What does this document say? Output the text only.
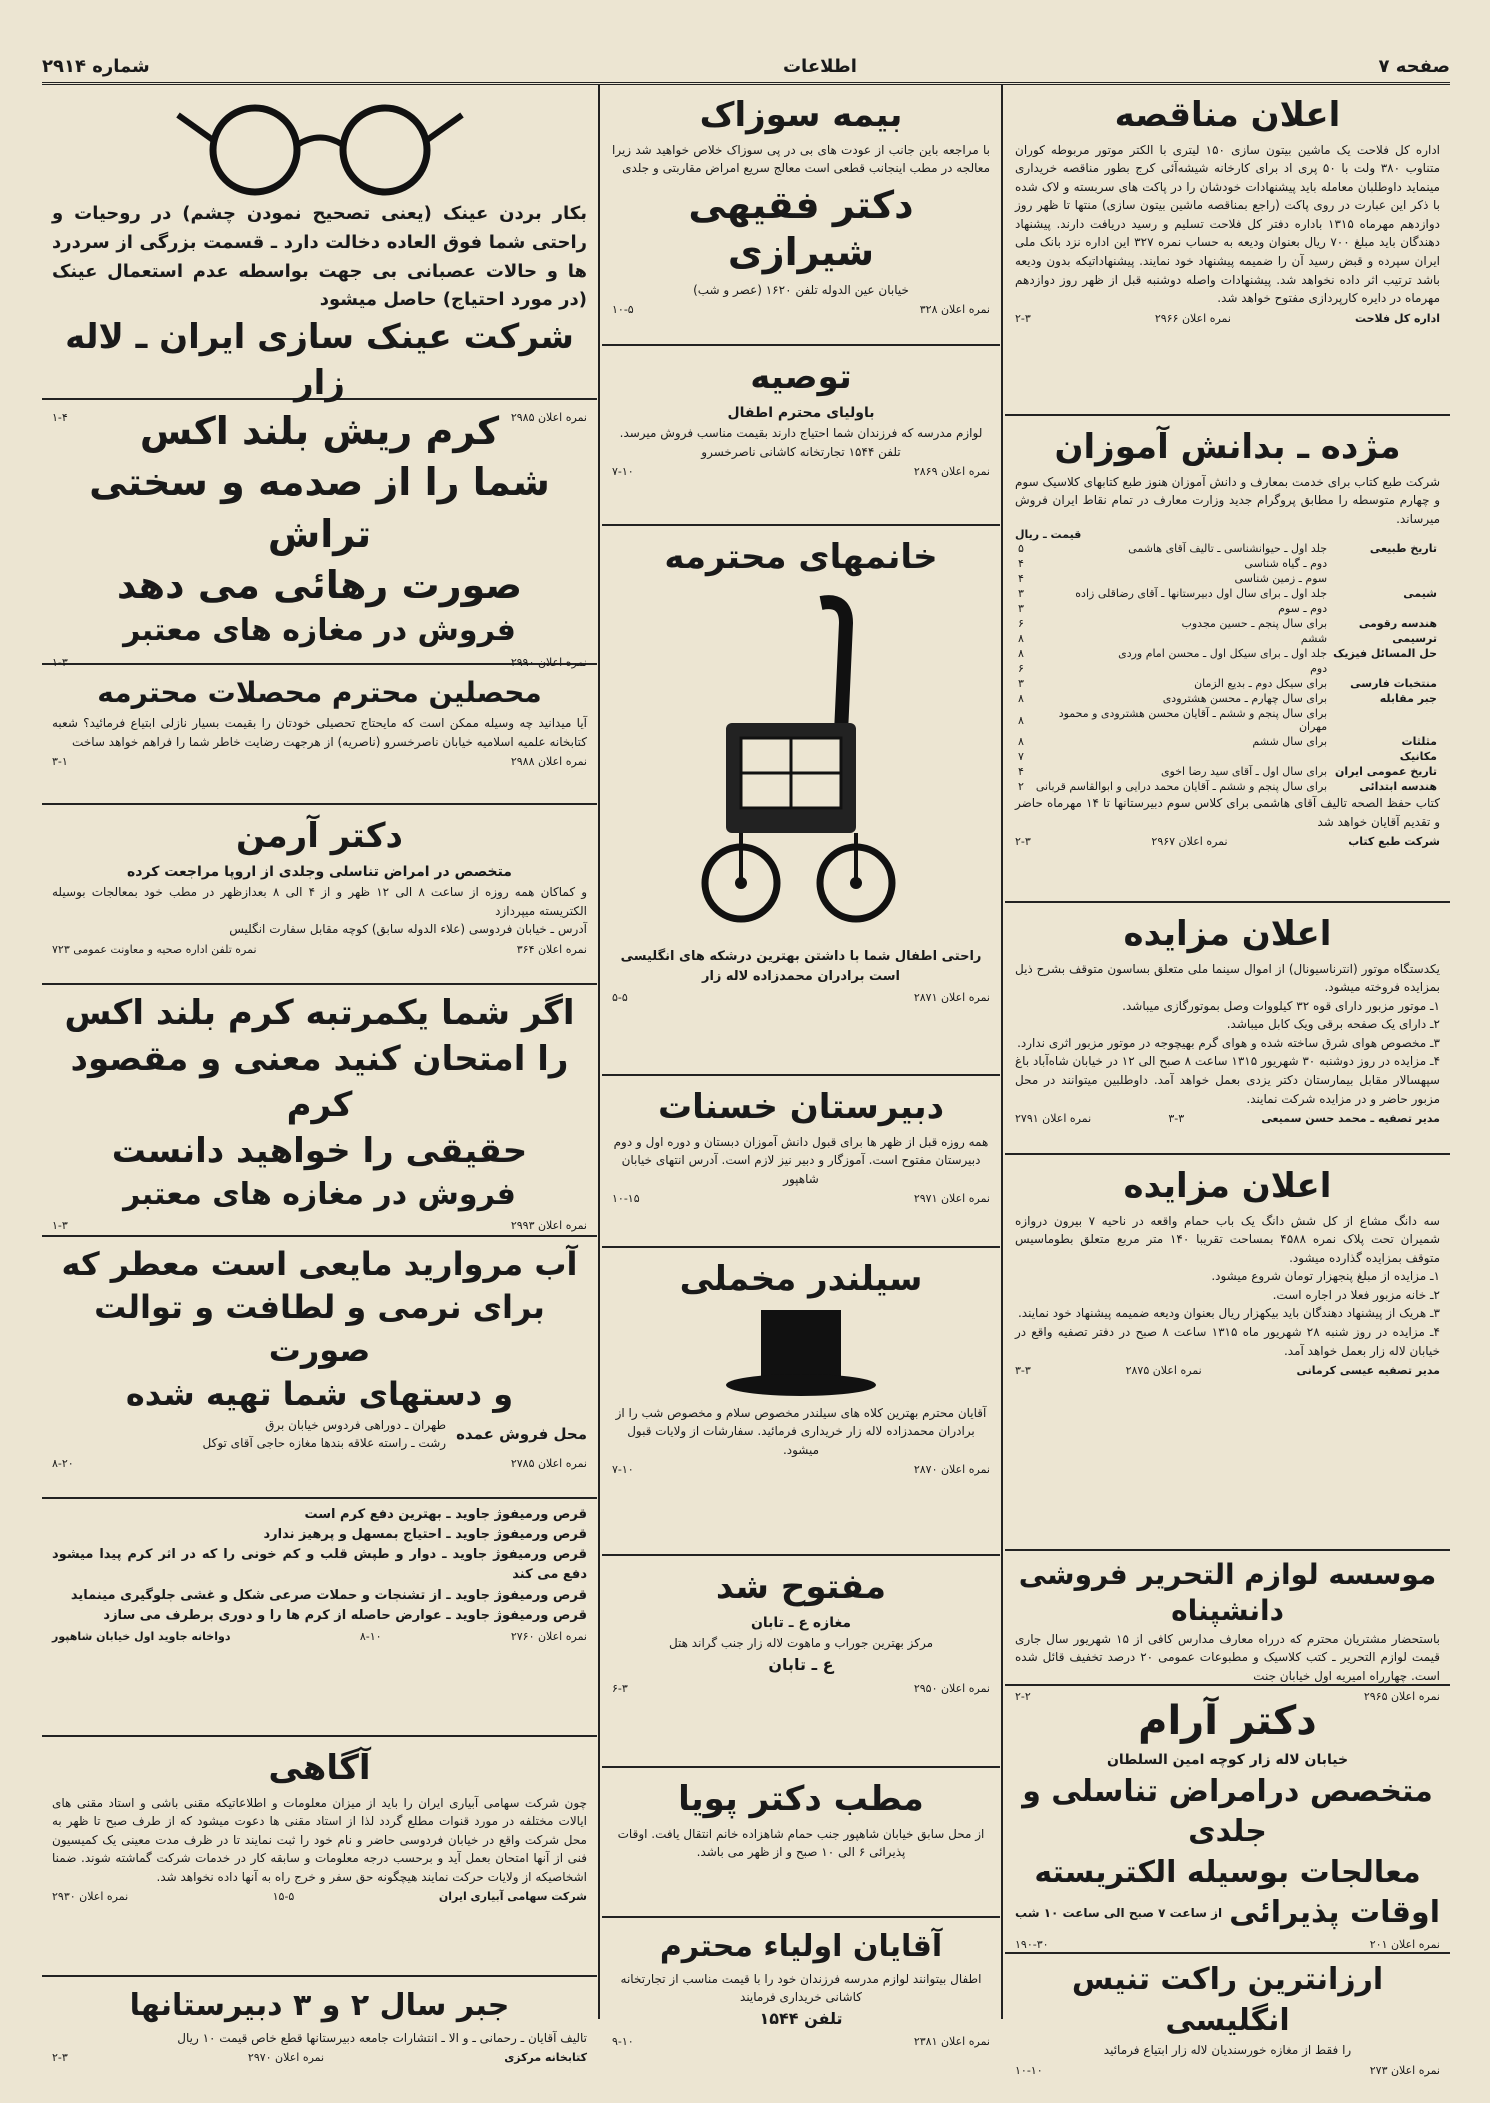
صفحه ۷
اطلاعات
شماره ۲۹۱۴
اعلان مناقصه
اداره کل فلاحت یک ماشین بیتون سازی ۱۵۰ لیتری با الکتر موتور مربوطه کوران متناوب ۳۸۰ ولت با ۵۰ پری اد برای کارخانه شیشه‌آئی کرج بطور مناقصه خریداری مینماید داوطلبان معامله باید پیشنهادات خودشان را در پاکت های سربسته و لاک شده با ذکر این عبارت در روی پاکت (راجع بمناقصه ماشین بیتون سازی) منتها تا ظهر روز دوازدهم مهرماه ۱۳۱۵ باداره دفتر کل فلاحت تسلیم و رسید دریافت دارند. پیشنهاد دهندگان باید مبلغ ۷۰۰ ریال بعنوان ودیعه به حساب نمره ۳۲۷ این اداره نزد بانک ملی ایران سپرده و قبض رسید آن را ضمیمه پیشنهاد خود نمایند. پیشنهاداتیکه بدون ودیعه باشد ترتیب اثر داده نخواهد شد. پیشنهادات واصله دوشنبه قبل از ظهر روز دوازدهم مهرماه در دایره کارپردازی مفتوح خواهد شد.
اداره کل فلاحت
نمره اعلان ۲۹۶۶
۲-۳
مژده ـ بدانش آموزان
شرکت طبع کتاب برای خدمت بمعارف و دانش آموزان هنوز طبع کتابهای کلاسیک سوم و چهارم متوسطه را مطابق پروگرام جدید وزارت معارف در تمام نقاط ایران فروش میرساند.
قیمت ـ ریال
تاریخ طبیعی	جلد اول ـ حیوانشناسی ـ تالیف آقای هاشمی	۵
	دوم ـ گیاه شناسی	۴
	سوم ـ زمین شناسی	۴
شیمی	جلد اول ـ برای سال اول دبیرستانها ـ آقای رضاقلی زاده	۳
	دوم ـ سوم	۳
هندسه رقومی	برای سال پنجم ـ حسین مجدوب	۶
ترسیمی	ششم	۸
حل المسائل فیزیک	جلد اول ـ برای سیکل اول ـ محسن امام وردی	۸
	دوم	۶
منتخبات فارسی	برای سیکل دوم ـ بدیع الزمان	۳
جبر مقابله	برای سال چهارم ـ محسن هشترودی	۸
	برای سال پنجم و ششم ـ آقایان محسن هشترودی و محمود مهران	۸
مثلثات	برای سال ششم	۸
مکانیک		۷
تاریخ عمومی ایران	برای سال اول ـ آقای سید رضا اخوی	۴
هندسه ابتدائی	برای سال پنجم و ششم ـ آقایان محمد درایی و ابوالقاسم قربانی	۲
کتاب حفظ الصحه تالیف آقای هاشمی برای کلاس سوم دبیرستانها تا ۱۴ مهرماه حاضر و تقدیم آقایان خواهد شد
شرکت طبع کتاب
نمره اعلان ۲۹۶۷
۲-۳
اعلان مزایده
یکدستگاه موتور (انترناسیونال) از اموال سینما ملی متعلق بساسون متوقف بشرح ذیل بمزایده فروخته میشود.
۱ـ موتور مزبور دارای قوه ۳۲ کیلووات وصل بموتورگازی میباشد.
۲ـ دارای یک صفحه برقی ویک کابل میباشد.
۳ـ مخصوص هوای شرق ساخته شده و هوای گرم بهیچوجه در موتور مزبور اثری ندارد.
۴ـ مزایده در روز دوشنبه ۳۰ شهریور ۱۳۱۵ ساعت ۸ صبح الی ۱۲ در خیابان شاه‌آباد باغ سپهسالار مقابل بیمارستان دکتر یزدی بعمل خواهد آمد. داوطلبین میتوانند در محل مزبور حاضر و در مزایده شرکت نمایند.
مدیر تصفیه ـ محمد حسن سمیعی
۳-۳
نمره اعلان ۲۷۹۱
اعلان مزایده
سه دانگ مشاع از کل شش دانگ یک باب حمام واقعه در ناحیه ۷ بیرون دروازه شمیران تحت پلاک نمره ۴۵۸۸ بمساحت تقریبا ۱۴۰ متر مربع متعلق بطوماسیس متوقف بمزایده گذارده میشود.
۱ـ مزایده از مبلغ پنجهزار تومان شروع میشود.
۲ـ خانه مزبور فعلا در اجاره است.
۳ـ هریک از پیشنهاد دهندگان باید بیکهزار ریال بعنوان ودیعه ضمیمه پیشنهاد خود نمایند.
۴ـ مزایده در روز شنبه ۲۸ شهریور ماه ۱۳۱۵ ساعت ۸ صبح در دفتر تصفیه واقع در خیابان لاله زار بعمل خواهد آمد.
مدیر تصفیه عیسی کرمانی
نمره اعلان ۲۸۷۵
۳-۳
موسسه لوازم التحریر فروشی دانشپناه
باستحضار مشتریان محترم که درراه معارف مدارس کافی از ۱۵ شهریور سال جاری قیمت لوازم التحریر ـ کتب کلاسیک و مطبوعات عمومی ۲۰ درصد تخفیف قائل شده است. چهارراه امیریه اول خیابان جنت
نمره اعلان ۲۹۶۵
۲-۲
دکتر آرام
خیابان لاله زار کوچه امین السلطان
متخصص درامراض تناسلی و جلدی
معالجات بوسیله الکتریسته
اوقات پذیرائی
از ساعت ۷ صبح الی ساعت ۱۰ شب
نمره اعلان ۲۰۱
۱۹۰-۳۰
ارزانترین راکت تنیس انگلیسی
را فقط از مغازه خورسندیان لاله زار ابتیاع فرمائید
نمره اعلان ۲۷۳
۱۰-۱۰
بیمه سوزاک
با مراجعه باین جانب از عودت های بی در پی سوزاک خلاص خواهید شد زیرا معالجه در مطب اینجانب قطعی است معالج سریع امراض مقاربتی و جلدی
دکتر فقیهی شیرازی
خیابان عین الدوله تلفن ۱۶۲۰ (عصر و شب)
نمره اعلان ۳۲۸
۱۰-۵
توصیه
باولیای محترم اطفال
لوازم مدرسه که فرزندان شما احتیاج دارند بقیمت مناسب فروش میرسد. تلفن ۱۵۴۴ تجارتخانه کاشانی ناصرخسرو
نمره اعلان ۲۸۶۹
۷-۱۰
خانمهای محترمه
راحتی اطفال شما با داشتن بهترین درشکه های انگلیسی است برادران محمدزاده لاله زار
نمره اعلان ۲۸۷۱
۵-۵
دبیرستان خسنات
همه روزه قبل از ظهر ها برای قبول دانش آموزان دبستان و دوره اول و دوم دبیرستان مفتوح است. آموزگار و دبیر نیز لازم است. آدرس انتهای خیابان شاهپور
نمره اعلان ۲۹۷۱
۱۰-۱۵
سیلندر مخملی
آقایان محترم بهترین کلاه های سیلندر مخصوص سلام و مخصوص شب را از برادران محمدزاده لاله زار خریداری فرمائید. سفارشات از ولایات قبول میشود.
نمره اعلان ۲۸۷۰
۷-۱۰
مفتوح شد
مغازه ع ـ تابان
مرکز بهترین جوراب و ماهوت لاله زار جنب گراند هتل
ع ـ تابان
نمره اعلان ۲۹۵۰
۶-۳
مطب دکتر پویا
از محل سابق خیابان شاهپور جنب حمام شاهزاده خانم انتقال یافت. اوقات پذیرائی ۶ الی ۱۰ صبح و از ظهر می باشد.
آقایان اولیاء محترم
اطفال بیتوانند لوازم مدرسه فرزندان خود را با قیمت مناسب از تجارتخانه کاشانی خریداری فرمایند
تلفن ۱۵۴۴
نمره اعلان ۲۳۸۱
۹-۱۰
بکار بردن عینک (یعنی تصحیح نمودن چشم) در روحیات و راحتی شما فوق العاده دخالت دارد ـ قسمت بزرگی از سردرد ها و حالات عصبانی بی جهت بواسطه عدم استعمال عینک (در مورد احتیاج) حاصل میشود
شرکت عینک سازی ایران ـ لاله زار
نمره اعلان ۲۹۸۵
۱-۴	کرم ریش بلند اکس
شما را از صدمه و سختی تراش
صورت رهائی می دهد
فروش در مغازه های معتبر
نمره اعلان ۲۹۹۰
۱-۳
محصلین محترم محصلات محترمه
آیا میدانید چه وسیله ممکن است که مایحتاج تحصیلی خودتان را بقیمت بسیار نازلی ابتیاع فرمائید؟ شعبه کتابخانه علمیه اسلامیه خیابان ناصرخسرو (ناصریه) از هرجهت رضایت خاطر شما را فراهم خواهد ساخت
نمره اعلان ۲۹۸۸
۳-۱
دکتر آرمن
متخصص در امراض تناسلی وجلدی از اروپا مراجعت کرده
و کماکان همه روزه از ساعت ۸ الی ۱۲ ظهر و از ۴ الی ۸ بعدازظهر در مطب خود بمعالجات بوسیله الکتریسته میپردازد
آدرس ـ خیابان فردوسی (علاء الدوله سابق) کوچه مقابل سفارت انگلیس
نمره اعلان ۳۶۴
نمره تلفن اداره صحیه و معاونت عمومی ۷۲۳
اگر شما یکمرتبه کرم بلند اکس
را امتحان کنید معنی و مقصود کرم
حقیقی را خواهید دانست
فروش در مغازه های معتبر
نمره اعلان ۲۹۹۳
۱-۳
آب مروارید مایعی است معطر که
برای نرمی و لطافت و توالت صورت
و دستهای شما تهیه شده
محل فروش عمده
طهران ـ دوراهی فردوس خیابان برق
رشت ـ راسته علاقه بندها مغازه حاجی آقای توکل
نمره اعلان ۲۷۸۵
۸-۲۰
قرص ورمیفوژ جاوید ـ بهترین دفع کرم است
قرص ورمیفوژ جاوید ـ احتیاج بمسهل و پرهیز ندارد
قرص ورمیفوژ جاوید ـ دوار و طپش قلب و کم خونی را که در اثر کرم پیدا میشود دفع می کند
قرص ورمیفوژ جاوید ـ از تشنجات و حملات صرعی شکل و غشی جلوگیری مینماید
قرص ورمیفوژ جاوید ـ عوارض حاصله از کرم ها را و دوری برطرف می سازد
نمره اعلان ۲۷۶۰
۸-۱۰
دواخانه جاوید اول خیابان شاهپور
آگاهی
چون شرکت سهامی آبیاری ایران را باید از میزان معلومات و اطلاعاتیکه مقنی باشی و استاد مقنی های ایالات مختلفه در مورد قنوات مطلع گردد لذا از استاد مقنی ها دعوت میشود که از طرف صبح تا ظهر به محل شرکت واقع در خیابان فردوسی حاضر و نام خود را ثبت نمایند تا در ظرف مدت معینی یک کمیسیون فنی از آنها امتحان بعمل آید و برحسب درجه معلومات و سابقه کار در خدمات شرکت گماشته شوند. ضمنا اشخاصیکه از ولایات حرکت نمایند هیچگونه حق سفر و خرج راه به آنها داده نخواهد شد.
شرکت سهامی آبیاری ایران
۱۵-۵
نمره اعلان ۲۹۳۰
جبر سال ۲ و ۳ دبیرستانها
تالیف آقایان ـ رحمانی ـ و الا ـ انتشارات جامعه دبیرستانها قطع خاص قیمت ۱۰ ریال
کتابخانه مرکزی
نمره اعلان ۲۹۷۰
۲-۳
